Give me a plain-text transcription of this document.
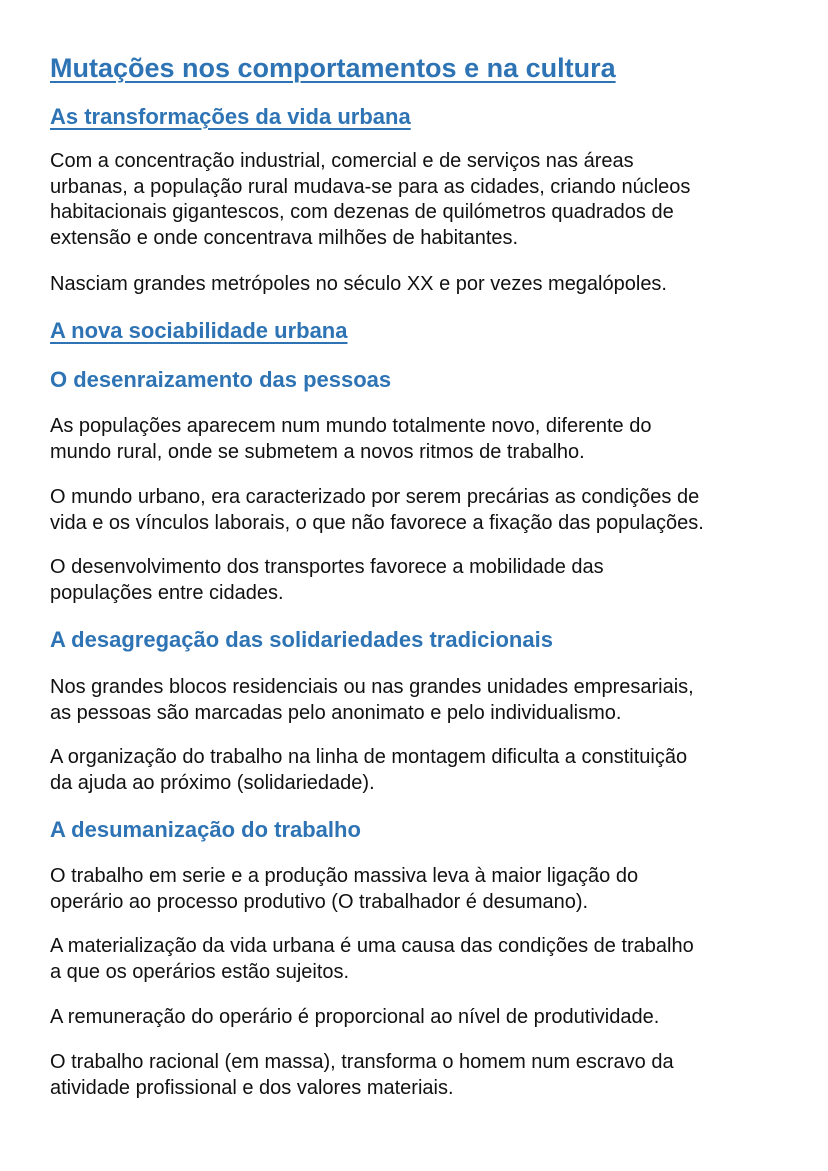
Mutações nos comportamentos e na cultura
As transformações da vida urbana
Com a concentração industrial, comercial e de serviços nas áreas
urbanas, a população rural mudava-se para as cidades, criando núcleos
habitacionais gigantescos, com dezenas de quilómetros quadrados de
extensão e onde concentrava milhões de habitantes.
Nasciam grandes metrópoles no século XX e por vezes megalópoles.
A nova sociabilidade urbana
O desenraizamento das pessoas
As populações aparecem num mundo totalmente novo, diferente do
mundo rural, onde se submetem a novos ritmos de trabalho.
O mundo urbano, era caracterizado por serem precárias as condições de
vida e os vínculos laborais, o que não favorece a fixação das populações.
O desenvolvimento dos transportes favorece a mobilidade das
populações entre cidades.
A desagregação das solidariedades tradicionais
Nos grandes blocos residenciais ou nas grandes unidades empresariais,
as pessoas são marcadas pelo anonimato e pelo individualismo.
A organização do trabalho na linha de montagem dificulta a constituição
da ajuda ao próximo (solidariedade).
A desumanização do trabalho
O trabalho em serie e a produção massiva leva à maior ligação do
operário ao processo produtivo (O trabalhador é desumano).
A materialização da vida urbana é uma causa das condições de trabalho
a que os operários estão sujeitos.
A remuneração do operário é proporcional ao nível de produtividade.
O trabalho racional (em massa), transforma o homem num escravo da
atividade profissional e dos valores materiais.
